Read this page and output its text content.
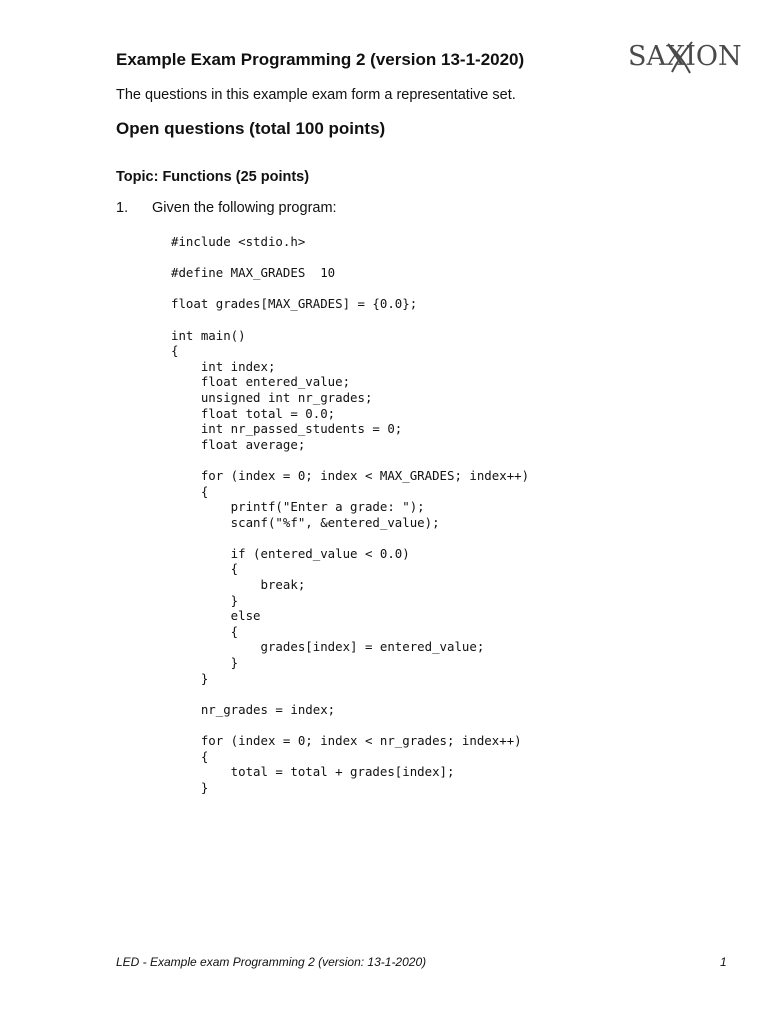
SAXION
Example Exam Programming 2 (version 13-1-2020)

The questions in this example exam form a representative set.

Open questions (total 100 points)
Topic: Functions (25 points)
1. Given the following program:
#include <stdio.h>

#define MAX_GRADES  10

float grades[MAX_GRADES] = {0.0};

int main()
{
int index;
float entered_value;
unsigned int nr_grades;
float total = 0.0;
int nr_passed_students = 0;
float average;

for (index = 0; index < MAX_GRADES; index++)
{
printf("Enter a grade: ");
scanf("%f", &entered_value);

if (entered_value < 0.0)
{
break;
}
else
{
grades[index] = entered_value;
}
}

nr_grades = index;

for (index = 0; index < nr_grades; index++)
{
total = total + grades[index];
}
LED - Example exam Programming 2 (version: 13-1-2020)	1
